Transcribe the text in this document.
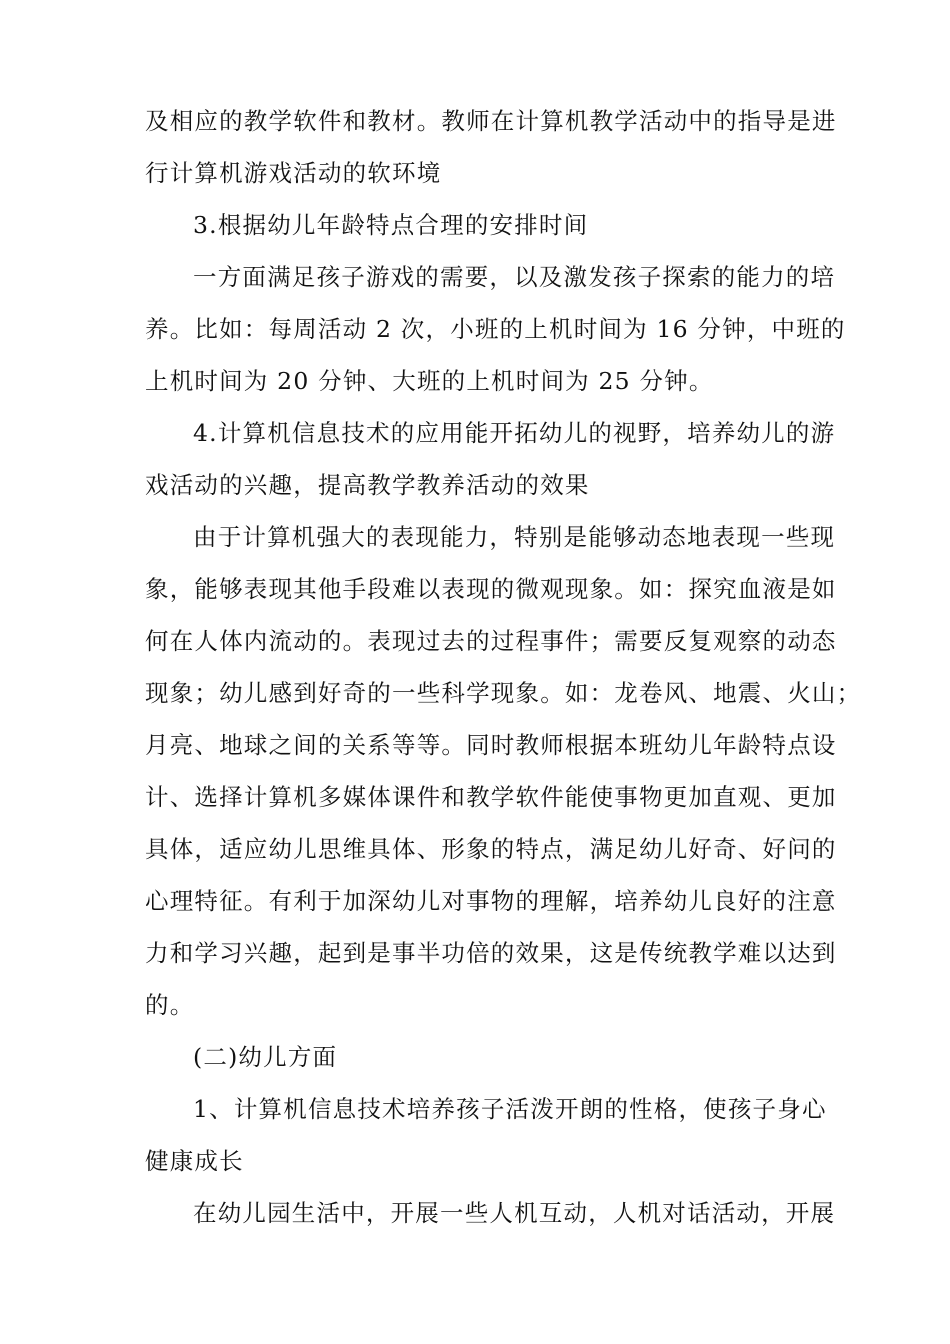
及相应的教学软件和教材。教师在计算机教学活动中的指导是进
行计算机游戏活动的软环境
3.根据幼儿年龄特点合理的安排时间
一方面满足孩子游戏的需要，以及激发孩子探索的能力的培
养。比如：每周活动 2 次，小班的上机时间为 16 分钟，中班的
上机时间为 20 分钟、大班的上机时间为 25 分钟。
4.计算机信息技术的应用能开拓幼儿的视野，培养幼儿的游
戏活动的兴趣，提高教学教养活动的效果
由于计算机强大的表现能力，特别是能够动态地表现一些现
象，能够表现其他手段难以表现的微观现象。如：探究血液是如
何在人体内流动的。表现过去的过程事件；需要反复观察的动态
现象；幼儿感到好奇的一些科学现象。如：龙卷风、地震、火山；
月亮、地球之间的关系等等。同时教师根据本班幼儿年龄特点设
计、选择计算机多媒体课件和教学软件能使事物更加直观、更加
具体，适应幼儿思维具体、形象的特点，满足幼儿好奇、好问的
心理特征。有利于加深幼儿对事物的理解，培养幼儿良好的注意
力和学习兴趣，起到是事半功倍的效果，这是传统教学难以达到
的。
(二)幼儿方面
1、计算机信息技术培养孩子活泼开朗的性格，使孩子身心
健康成长
在幼儿园生活中，开展一些人机互动，人机对话活动，开展
